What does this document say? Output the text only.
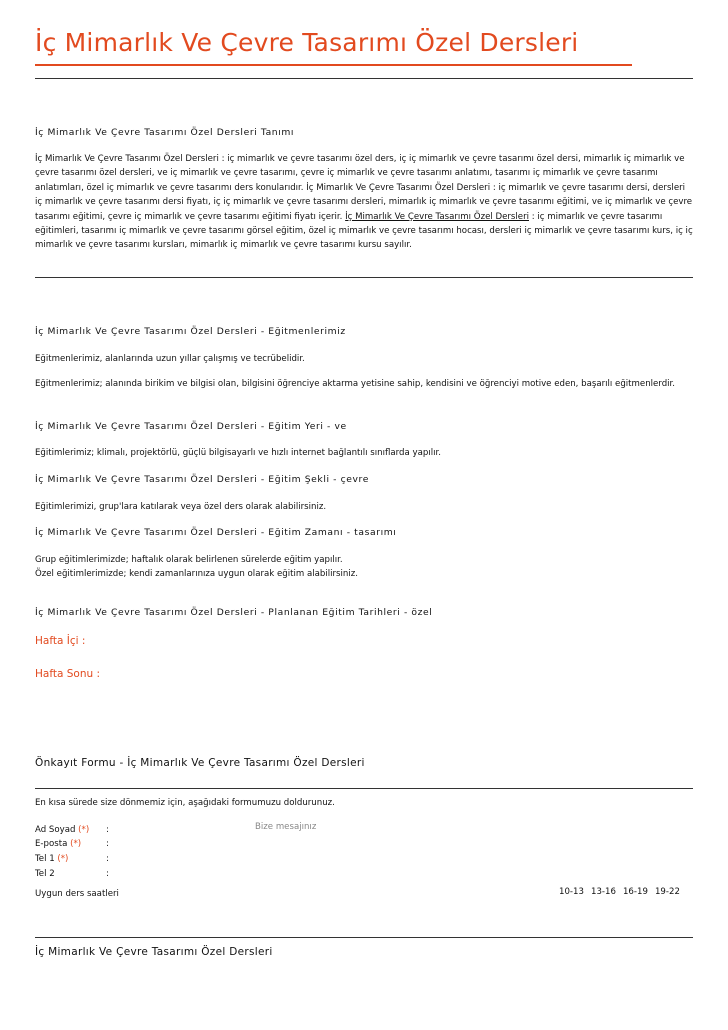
İç Mimarlık Ve Çevre Tasarımı Özel Dersleri
İç Mimarlık Ve Çevre Tasarımı Özel Dersleri Tanımı

İç Mimarlık Ve Çevre Tasarımı Özel Dersleri : iç mimarlık ve çevre tasarımı özel ders, iç iç mimarlık ve çevre tasarımı özel dersi, mimarlık iç mimarlık ve çevre tasarımı özel dersleri, ve iç mimarlık ve çevre tasarımı, çevre iç mimarlık ve çevre tasarımı anlatımı, tasarımı iç mimarlık ve çevre tasarımı anlatımları, özel iç mimarlık ve çevre tasarımı ders konularıdır. İç Mimarlık Ve Çevre Tasarımı Özel Dersleri : iç mimarlık ve çevre tasarımı dersi, dersleri iç mimarlık ve çevre tasarımı dersi fiyatı, iç iç mimarlık ve çevre tasarımı dersleri, mimarlık iç mimarlık ve çevre tasarımı eğitimi, ve iç mimarlık ve çevre tasarımı eğitimi, çevre iç mimarlık ve çevre tasarımı eğitimi fiyatı içerir. İç Mimarlık Ve Çevre Tasarımı Özel Dersleri : iç mimarlık ve çevre tasarımı eğitimleri, tasarımı iç mimarlık ve çevre tasarımı görsel eğitim, özel iç mimarlık ve çevre tasarımı hocası, dersleri iç mimarlık ve çevre tasarımı kurs, iç iç mimarlık ve çevre tasarımı kursları, mimarlık iç mimarlık ve çevre tasarımı kursu sayılır.

İç Mimarlık Ve Çevre Tasarımı Özel Dersleri - Eğitmenlerimiz
Eğitmenlerimiz, alanlarında uzun yıllar çalışmış ve tecrübelidir.
Eğitmenlerimiz; alanında birikim ve bilgisi olan, bilgisini öğrenciye aktarma yetisine sahip, kendisini ve öğrenciyi motive eden, başarılı eğitmenlerdir.
İç Mimarlık Ve Çevre Tasarımı Özel Dersleri - Eğitim Yeri - ve
Eğitimlerimiz; klimalı, projektörlü, güçlü bilgisayarlı ve hızlı internet bağlantılı sınıflarda yapılır.
İç Mimarlık Ve Çevre Tasarımı Özel Dersleri - Eğitim Şekli - çevre
Eğitimlerimizi, grup'lara katılarak veya özel ders olarak alabilirsiniz.
İç Mimarlık Ve Çevre Tasarımı Özel Dersleri - Eğitim Zamanı - tasarımı

Grup eğitimlerimizde; haftalık olarak belirlenen sürelerde eğitim yapılır.

Özel eğitimlerimizde; kendi zamanlarınıza uygun olarak eğitim alabilirsiniz.

İç Mimarlık Ve Çevre Tasarımı Özel Dersleri - Planlanan Eğitim Tarihleri - özel
Hafta İçi :
Hafta Sonu :
Önkayıt Formu - İç Mimarlık Ve Çevre Tasarımı Özel Dersleri
En kısa sürede size dönmemiz için, aşağıdaki formumuzu doldurunuz.
Ad Soyad (*) :
E-posta (*)	:
Tel 1 (*)	:
Tel 2	:
Bize mesajınız
Uygun ders saatleri	10-13 13-16 16-19 19-22
İç Mimarlık Ve Çevre Tasarımı Özel Dersleri
